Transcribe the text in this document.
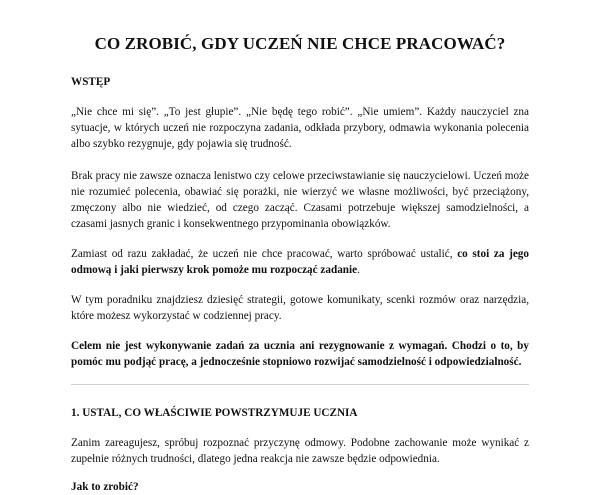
CO ZROBIĆ, GDY UCZEŃ NIE CHCE PRACOWAĆ?

WSTĘP

„Nie chce mi się”. „To jest głupie”. „Nie będę tego robić”. „Nie umiem”. Każdy nauczyciel zna sytuacje, w których uczeń nie rozpoczyna zadania, odkłada przybory, odmawia wykonania polecenia albo szybko rezygnuje, gdy pojawia się trudność.

Brak pracy nie zawsze oznacza lenistwo czy celowe przeciwstawianie się nauczycielowi. Uczeń może nie rozumieć polecenia, obawiać się porażki, nie wierzyć we własne możliwości, być przeciążony, zmęczony albo nie wiedzieć, od czego zacząć. Czasami potrzebuje większej samodzielności, a czasami jasnych granic i konsekwentnego przypominania obowiązków.

Zamiast od razu zakładać, że uczeń nie chce pracować, warto spróbować ustalić, co stoi za jego odmową i jaki pierwszy krok pomoże mu rozpocząć zadanie.

W tym poradniku znajdziesz dziesięć strategii, gotowe komunikaty, scenki rozmów oraz narzędzia, które możesz wykorzystać w codziennej pracy.

Celem nie jest wykonywanie zadań za ucznia ani rezygnowanie z wymagań. Chodzi o to, by pomóc mu podjąć pracę, a jednocześnie stopniowo rozwijać samodzielność i odpowiedzialność.

1. USTAL, CO WŁAŚCIWIE POWSTRZYMUJE UCZNIA

Zanim zareagujesz, spróbuj rozpoznać przyczynę odmowy. Podobne zachowanie może wynikać z zupełnie różnych trudności, dlatego jedna reakcja nie zawsze będzie odpowiednia.

Jak to zrobić?
